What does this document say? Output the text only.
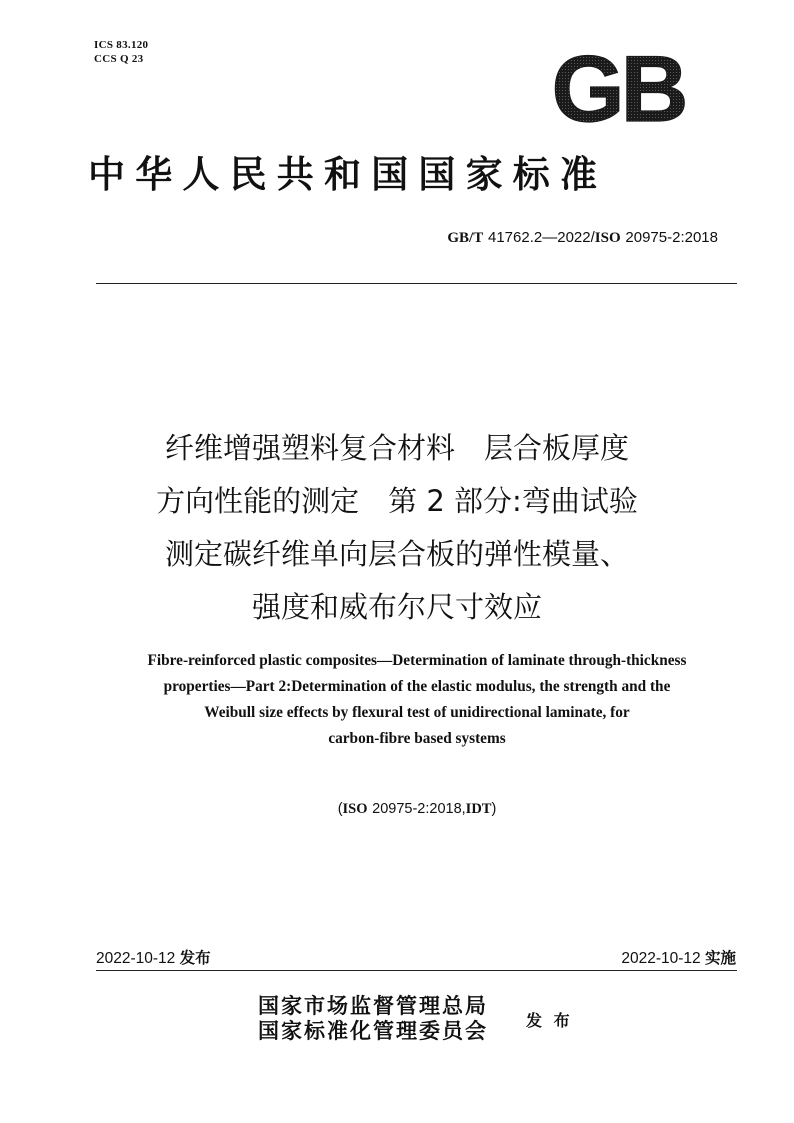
ICS 83.120
CCS Q 23	GB
中华人民共和国国家标准
GB/T 41762.2—2022/ISO 20975-2:2018
纤维增强塑料复合材料　层合板厚度
方向性能的测定　第 2 部分:弯曲试验
测定碳纤维单向层合板的弹性模量、
强度和威布尔尺寸效应
Fibre-reinforced plastic composites—Determination of laminate through-thickness
properties—Part 2:Determination of the elastic modulus, the strength and the
Weibull size effects by flexural test of unidirectional laminate, for
carbon-fibre based systems
(ISO 20975-2:2018,IDT)
2022-10-12 发布	2022-10-12 实施
国家市场监督管理总局
国家标准化管理委员会 发 布
